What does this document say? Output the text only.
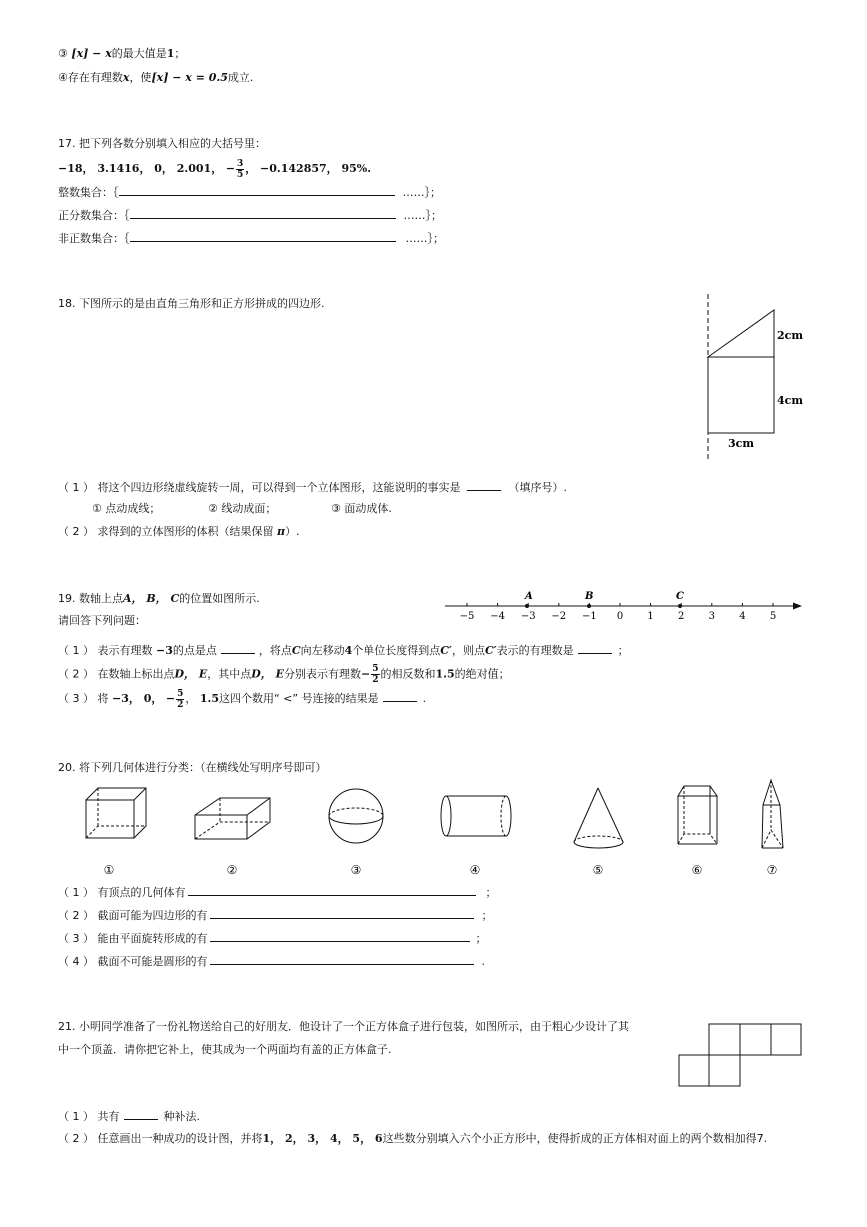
③ [x] − x的最大值是1；
④存在有理数x，使[x] − x = 0.5成立.
17. 把下列各数分别填入相应的大括号里：
−18， 3.1416， 0， 2.001， − $\frac{3}{5}$ ， −0.142857， 95%.
整数集合：｛	……｝；
正分数集合：｛	……｝；
非正数集合：｛	……｝；
18. 下图所示的是由直角三角形和正方形拼成的四边形.
2cm
4cm
3cm
（ 1 ） 将这个四边形绕虚线旋转一周，可以得到一个立体图形，这能说明的事实是	（填序号）.
① 点动成线；	② 线动成面；	③ 面动成体.
（ 2 ） 求得到的立体图形的体积（结果保留 π）.
19. 数轴上点A， B， C的位置如图所示.
请回答下列问题：	−5 −4 −3 −2 −1 0 1 2 3 4 5
A	B	C
（ 1 ） 表示有理数 −3的点是点	，将点C向左移动4个单位长度得到点C′，则点C′表示的有理数是	；
（ 2 ） 在数轴上标出点D， E，其中点D， E分别表示有理数− $\frac{5}{2}$ 的相反数和1.5的绝对值；
（ 3 ） 将 −3， 0， − $\frac{5}{2}$ ， 1.5这四个数用“ <” 号连接的结果是	.
20. 将下列几何体进行分类：（在横线处写明序号即可）
①	②	③	④	⑤	⑥	⑦
（ 1 ） 有顶点的几何体有	；
（ 2 ） 截面可能为四边形的有	；
（ 3 ） 能由平面旋转形成的有	；
（ 4 ） 截面不可能是圆形的有	.
21. 小明同学准备了一份礼物送给自己的好朋友．他设计了一个正方体盒子进行包装，如图所示，由于粗心少设计了其
中一个顶盖．请你把它补上，使其成为一个两面均有盖的正方体盒子.
（ 1 ） 共有	种补法.
（ 2 ） 任意画出一种成功的设计图，并将1， 2， 3， 4， 5， 6这些数分别填入六个小正方形中，使得折成的正方体相对面上的两个数相加得7.
